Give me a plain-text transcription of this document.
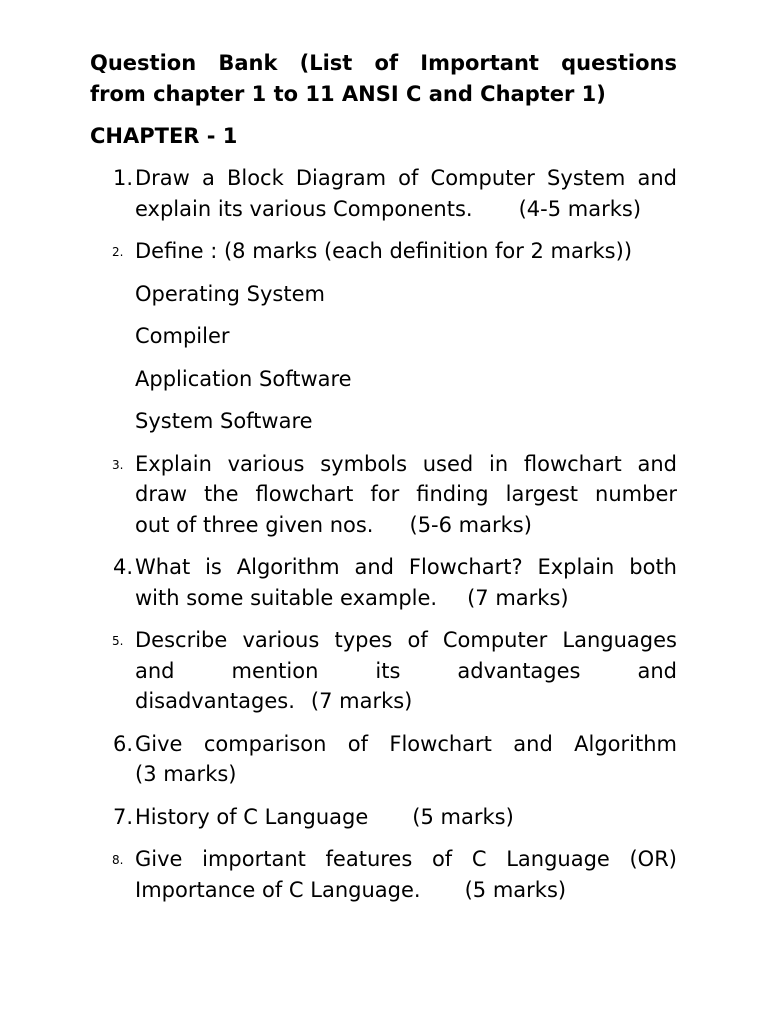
Question Bank (List of Important questions
from chapter 1 to 11 ANSI C and Chapter 1)
CHAPTER - 1
1. Draw a Block Diagram of Computer System and
explain its various Components. (4-5 marks)
2. Define : (8 marks (each definition for 2 marks))
Operating System
Compiler
Application Software
System Software
3. Explain various symbols used in flowchart and
draw the flowchart for finding largest number
out of three given nos. (5-6 marks)
4. What is Algorithm and Flowchart? Explain both
with some suitable example. (7 marks)
5. Describe various types of Computer Languages
and mention its advantages and
disadvantages. (7 marks)
6. Give comparison of Flowchart and Algorithm
(3 marks)
7. History of C Language (5 marks)
8. Give important features of C Language (OR)
Importance of C Language. (5 marks)
